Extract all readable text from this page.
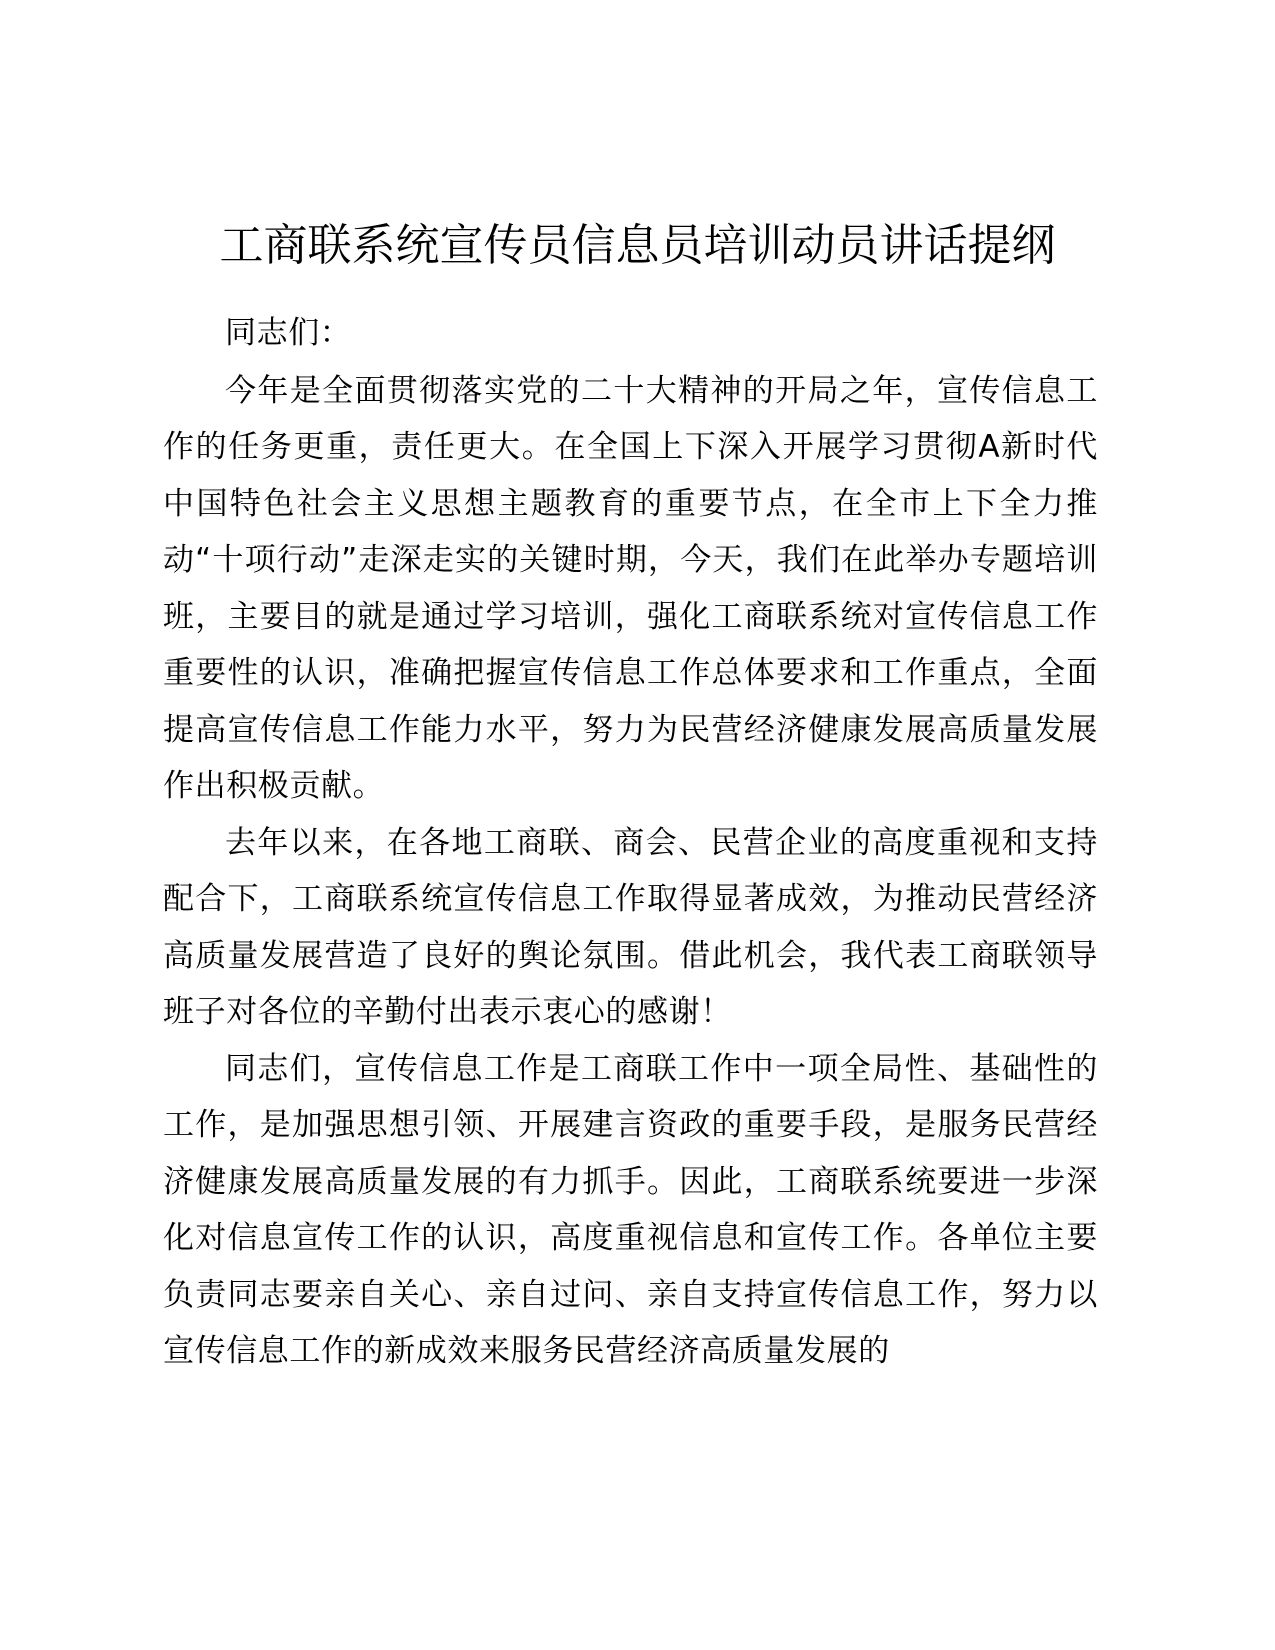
工商联系统宣传员信息员培训动员讲话提纲

同志们：

今年是全面贯彻落实党的二十大精神的开局之年，宣传信息工作的任务更重，责任更大。在全国上下深入开展学习贯彻A新时代中国特色社会主义思想主题教育的重要节点，在全市上下全力推动“十项行动”走深走实的关键时期，今天，我们在此举办专题培训班，主要目的就是通过学习培训，强化工商联系统对宣传信息工作重要性的认识，准确把握宣传信息工作总体要求和工作重点，全面提高宣传信息工作能力水平，努力为民营经济健康发展高质量发展作出积极贡献。

去年以来，在各地工商联、商会、民营企业的高度重视和支持配合下，工商联系统宣传信息工作取得显著成效，为推动民营经济高质量发展营造了良好的舆论氛围。借此机会，我代表工商联领导班子对各位的辛勤付出表示衷心的感谢！

同志们，宣传信息工作是工商联工作中一项全局性、基础性的工作，是加强思想引领、开展建言资政的重要手段，是服务民营经济健康发展高质量发展的有力抓手。因此，工商联系统要进一步深化对信息宣传工作的认识，高度重视信息和宣传工作。各单位主要负责同志要亲自关心、亲自过问、亲自支持宣传信息工作，努力以宣传信息工作的新成效来服务民营经济高质量发展的
